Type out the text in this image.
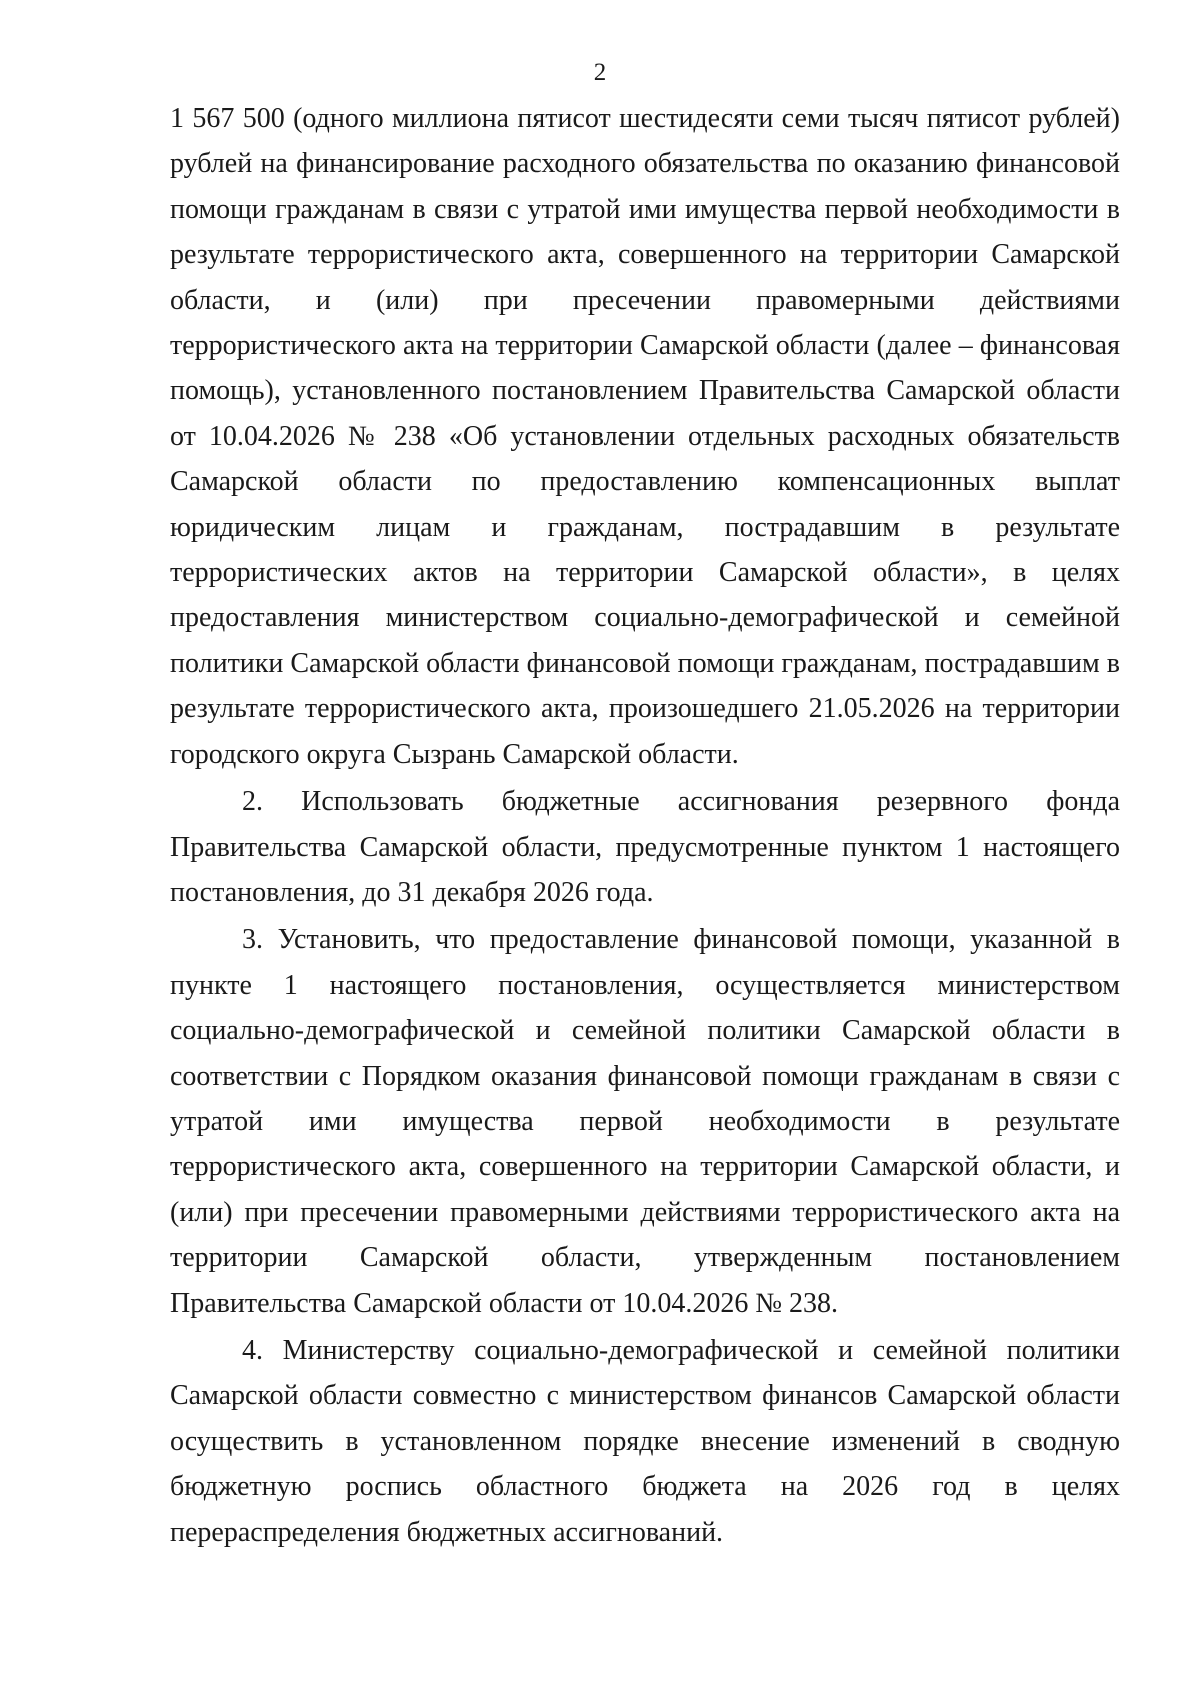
2

1 567 500 (одного миллиона пятисот шестидесяти семи тысяч пятисот рублей) рублей на финансирование расходного обязательства по оказанию финансовой помощи гражданам в связи с утратой ими имущества первой необходимости в результате террористического акта, совершенного на территории Самарской области, и (или) при пресечении правомерными действиями террористического акта на территории Самарской области (далее – финансовая помощь), установленного постановлением Правительства Самарской области от 10.04.2026 № 238 «Об установлении отдельных расходных обязательств Самарской области по предоставлению компенсационных выплат юридическим лицам и гражданам, пострадавшим в результате террористических актов на территории Самарской области», в целях предоставления министерством социально-демографической и семейной политики Самарской области финансовой помощи гражданам, пострадавшим в результате террористического акта, произошедшего 21.05.2026 на территории городского округа Сызрань Самарской области.

2. Использовать бюджетные ассигнования резервного фонда Правительства Самарской области, предусмотренные пунктом 1 настоящего постановления, до 31 декабря 2026 года.

3. Установить, что предоставление финансовой помощи, указанной в пункте 1 настоящего постановления, осуществляется министерством социально-демографической и семейной политики Самарской области в соответствии с Порядком оказания финансовой помощи гражданам в связи с утратой ими имущества первой необходимости в результате террористического акта, совершенного на территории Самарской области, и (или) при пресечении правомерными действиями террористического акта на территории Самарской области, утвержденным постановлением Правительства Самарской области от 10.04.2026 № 238.

4. Министерству социально-демографической и семейной политики Самарской области совместно с министерством финансов Самарской области осуществить в установленном порядке внесение изменений в сводную бюджетную роспись областного бюджета на 2026 год в целях перераспределения бюджетных ассигнований.
